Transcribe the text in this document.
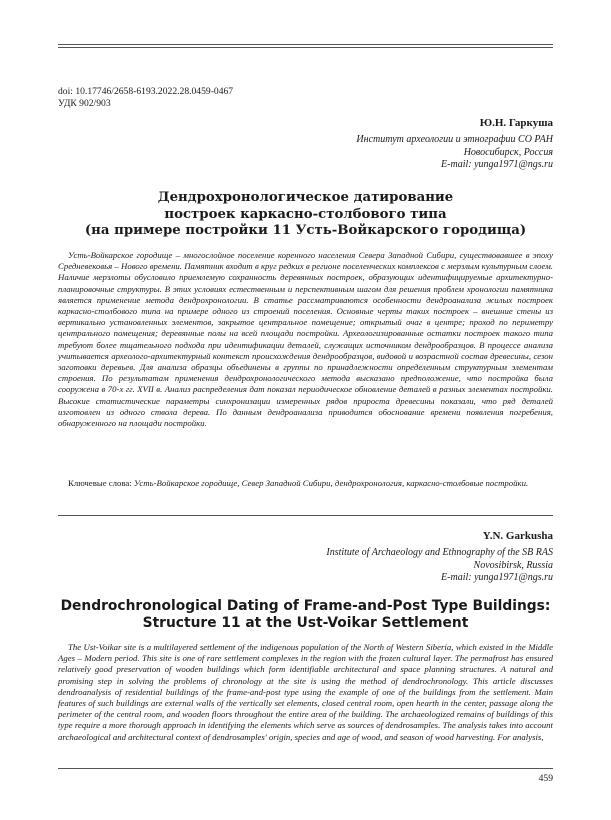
doi: 10.17746/2658-6193.2022.28.0459-0467
УДК 902/903
Ю.Н. Гаркуша
Институт археологии и этнографии СО РАН
Новосибирск, Россия
E-mail: yunga1971@ngs.ru
Дендрохронологическое датирование
построек каркасно-столбового типа
(на примере постройки 11 Усть-Войкарского городища)

Усть-Войкарское городище – многослойное поселение коренного населения Севера Западной Сибири, существовавшее в эпоху Средневековья – Нового времени. Памятник входит в круг редких в регионе поселенческих комплексов с мерзлым культурным слоем. Наличие мерзлоты обусловило приемлемую сохранность деревянных построек, образующих идентифицируемые архитектурно-планировочные структуры. В этих условиях естественным и перспективным шагом для решения проблем хронологии памятника является применение метода дендрохронологии. В статье рассматриваются особенности дендроанализа жилых построек каркасно-столбового типа на примере одного из строений поселения. Основные черты таких построек – внешние стены из вертикально установленных элементов, закрытое центральное помещение; открытый очаг в центре; проход по периметру центрального помещения; деревянные полы на всей площади постройки. Археологизированные остатки построек такого типа требуют более тщательного подхода при идентификации деталей, служащих источником дендрообразцов. В процессе анализа учитывается археолого-архитектурный контекст происхождения дендрообразцов, видовой и возрастной состав древесины, сезон заготовки деревьев. Для анализа образцы объединены в группы по принадлежности определенным структурным элементам строения. По результатам применения дендрохронологического метода высказано предположение, что постройка была сооружена в 70-х гг. XVII в. Анализ распределения дат показал периодическое обновление деталей в разных элементах постройки. Высокие статистические параметры синхронизации измеренных рядов прироста древесины показали, что ряд деталей изготовлен из одного ствола дерева. По данным дендроанализа приводится обоснование времени появления погребения, обнаруженного на площади постройки.

Ключевые слова: Усть-Войкарское городище, Север Западной Сибири, дендрохронология, каркасно-столбовые постройки.

Y.N. Garkusha
Institute of Archaeology and Ethnography of the SB RAS
Novosibirsk, Russia
E-mail: yunga1971@ngs.ru
Dendrochronological Dating of Frame-and-Post Type Buildings:
Structure 11 at the Ust-Voikar Settlement

The Ust-Voikar site is a multilayered settlement of the indigenous population of the North of Western Siberia, which existed in the Middle Ages – Modern period. This site is one of rare settlement complexes in the region with the frozen cultural layer. The permafrost has ensured relatively good preservation of wooden buildings which form identifiable architectural and space planning structures. A natural and promising step in solving the problems of chronology at the site is using the method of dendrochronology. This article discusses dendroanalysis of residential buildings of the frame-and-post type using the example of one of the buildings from the settlement. Main features of such buildings are external walls of the vertically set elements, closed central room, open hearth in the center, passage along the perimeter of the central room, and wooden floors throughout the entire area of the building. The archaeologized remains of buildings of this type require a more thorough approach in identifying the elements which serve as sources of dendrosamples. The analysis takes into account archaeological and architectural context of dendrosamples' origin, species and age of wood, and season of wood harvesting. For analysis,

459
